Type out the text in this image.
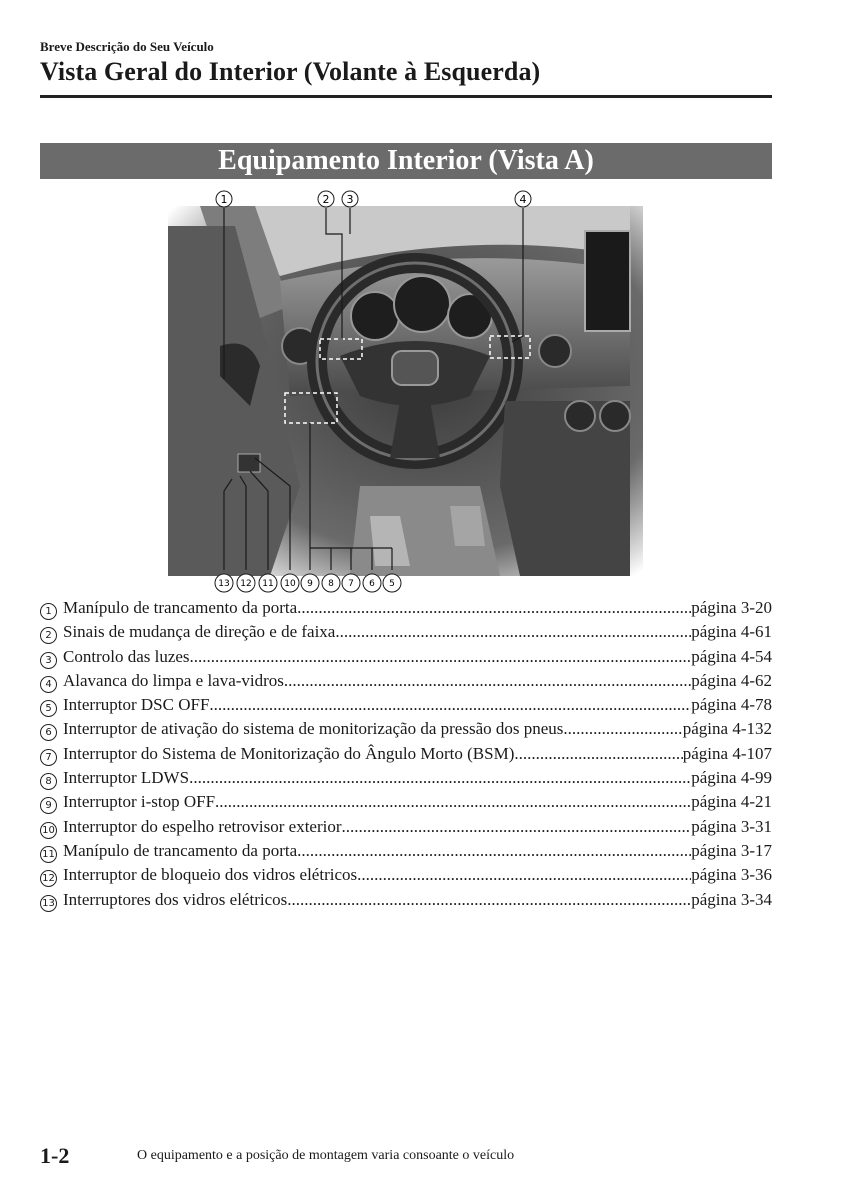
Breve Descrição do Seu Veículo
Vista Geral do Interior (Volante à Esquerda)
Equipamento Interior (Vista A)
1	2 3	4
13 12 11 10 9 8 7 6 5
1 Manípulo de trancamento da porta .....	página 3-20
2 Sinais de mudança de direção e de faixa .....	página 4-61
3 Controlo das luzes .....	página 4-54
4 Alavanca do limpa e lava-vidros .....	página 4-62
5 Interruptor DSC OFF .....	página 4-78
6 Interruptor de ativação do sistema de monitorização da pressão dos pneus .....	página 4-132
7 Interruptor do Sistema de Monitorização do Ângulo Morto (BSM) .....	página 4-107
8 Interruptor LDWS .....	página 4-99
9 Interruptor i-stop OFF .....	página 4-21
10 Interruptor do espelho retrovisor exterior .....	página 3-31
11 Manípulo de trancamento da porta .....	página 3-17
12 Interruptor de bloqueio dos vidros elétricos .....	página 3-36
13 Interruptores dos vidros elétricos .....	página 3-34
1-2	O equipamento e a posição de montagem varia consoante o veículo
